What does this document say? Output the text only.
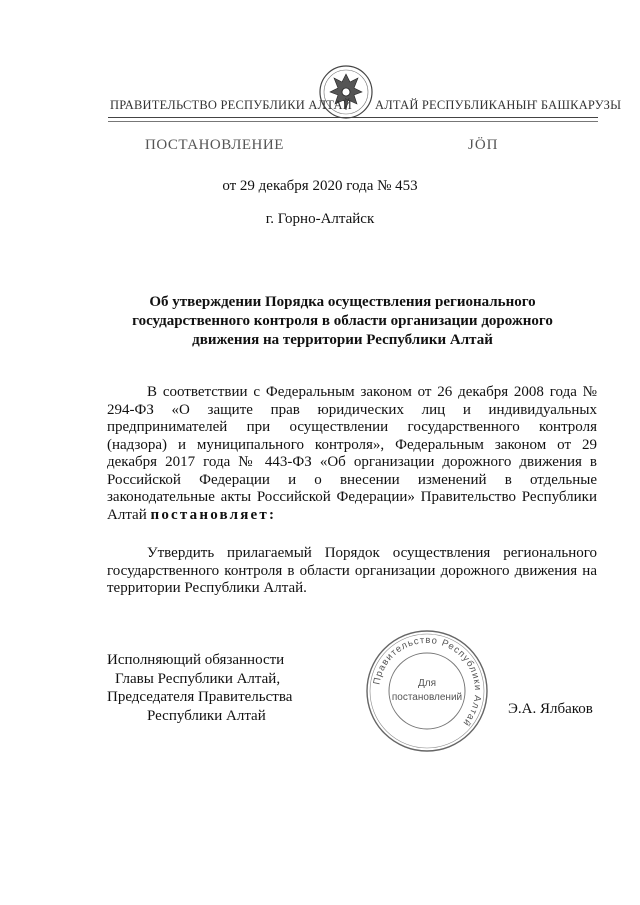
ПРАВИТЕЛЬСТВО РЕСПУБЛИКИ АЛТАЙ АЛТАЙ РЕСПУБЛИКАНЫҤ БАШКАРУЗЫ
ПОСТАНОВЛЕНИЕ	ЈÖП
от 29 декабря 2020 года № 453
г. Горно-Алтайск
Об утверждении Порядка осуществления регионального государственного контроля в области организации дорожного движения на территории Республики Алтай

В соответствии с Федеральным законом от 26 декабря 2008 года № 294-ФЗ «О защите прав юридических лиц и индивидуальных предпринимателей при осуществлении государственного контроля (надзора) и муниципального контроля», Федеральным законом от 29 декабря 2017 года № 443-ФЗ «Об организации дорожного движения в Российской Федерации и о внесении изменений в отдельные законодательные акты Российской Федерации» Правительство Республики Алтай постановляет:

Утвердить прилагаемый Порядок осуществления регионального государственного контроля в области организации дорожного движения на территории Республики Алтай.

Исполняющий обязанности
Главы Республики Алтай,
Председателя Правительства
Республики Алтай
Правительство Республики Алтай
Для
постановлений
Э.А. Ялбаков
